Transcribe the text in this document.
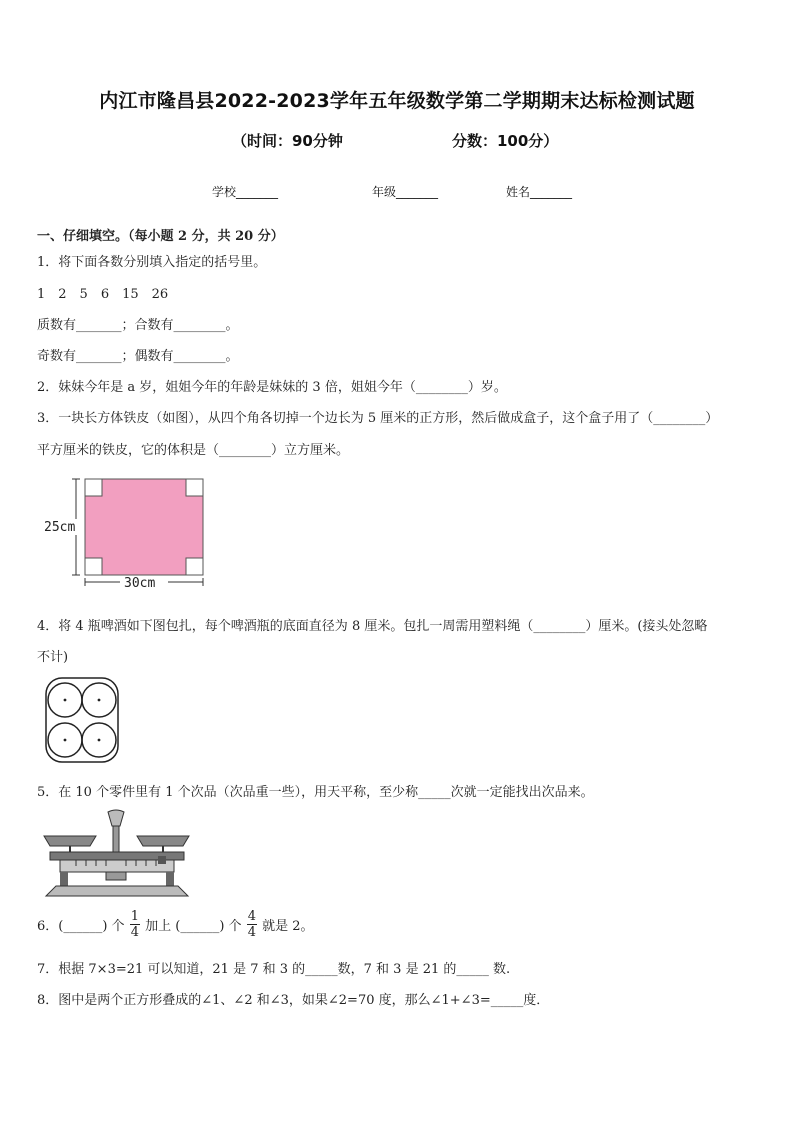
内江市隆昌县2022-2023学年五年级数学第二学期期末达标检测试题
（时间：90分钟	分数：100分）
学校_______	年级_______	姓名_______
一、仔细填空。（每小题 2 分，共 20 分）
1．将下面各数分别填入指定的括号里。
1　2　5　6　15　26
质数有_______；合数有________。
奇数有_______；偶数有________。
2．妹妹今年是 a 岁，姐姐今年的年龄是妹妹的 3 倍，姐姐今年（________）岁。
3．一块长方体铁皮（如图），从四个角各切掉一个边长为 5 厘米的正方形，然后做成盒子，这个盒子用了（________）
平方厘米的铁皮，它的体积是（________）立方厘米。
25cm
30cm
4．将 4 瓶啤酒如下图包扎，每个啤酒瓶的底面直径为 8 厘米。包扎一周需用塑料绳（________）厘米。(接头处忽略
不计)
5．在 10 个零件里有 1 个次品（次品重一些），用天平称，至少称_____次就一定能找出次品来。
6．(______) 个 $\frac{1}{4}$ 加上 (______) 个 $\frac{4}{4}$ 就是 2。
7．根据 7×3=21 可以知道，21 是 7 和 3 的_____数，7 和 3 是 21 的_____ 数.
8．图中是两个正方形叠成的∠1、∠2 和∠3，如果∠2=70 度，那么∠1+∠3=_____度．
